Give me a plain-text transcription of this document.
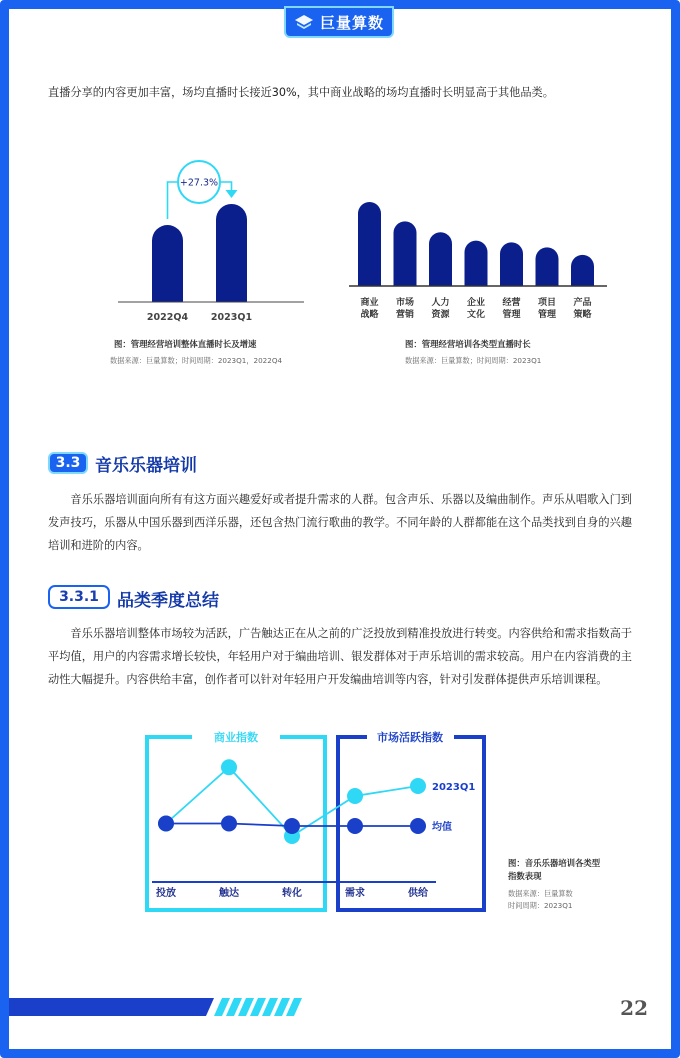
巨量算数
直播分享的内容更加丰富，场均直播时长接近30%，其中商业战略的场均直播时长明显高于其他品类。
2022Q4 2023Q1
+27.3%
图：管理经营培训整体直播时长及增速
数据来源：巨量算数；时间周期：2023Q1，2022Q4
商业
战略
市场
营销
人力
资源
企业
文化
经营
管理
项目
管理
产品
策略
图：管理经营培训各类型直播时长
数据来源：巨量算数；时间周期：2023Q1
3.3 音乐乐器培训
音乐乐器培训面向所有有这方面兴趣爱好或者提升需求的人群。包含声乐、乐器以及编曲制作。声乐从唱歌入门到发声技巧，乐器从中国乐器到西洋乐器，还包含热门流行歌曲的教学。不同年龄的人群都能在这个品类找到自身的兴趣培训和进阶的内容。
3.3.1	品类季度总结
音乐乐器培训整体市场较为活跃，广告触达正在从之前的广泛投放到精准投放进行转变。内容供给和需求指数高于平均值，用户的内容需求增长较快，年轻用户对于编曲培训、银发群体对于声乐培训的需求较高。用户在内容消费的主动性大幅提升。内容供给丰富，创作者可以针对年轻用户开发编曲培训等内容，针对引发群体提供声乐培训课程。
商业指数	市场活跃指数
投放	触达	转化	需求	供给
2023Q1
均值
图：音乐乐器培训各类型
指数表现
数据来源：巨量算数
时间周期：2023Q1
22
